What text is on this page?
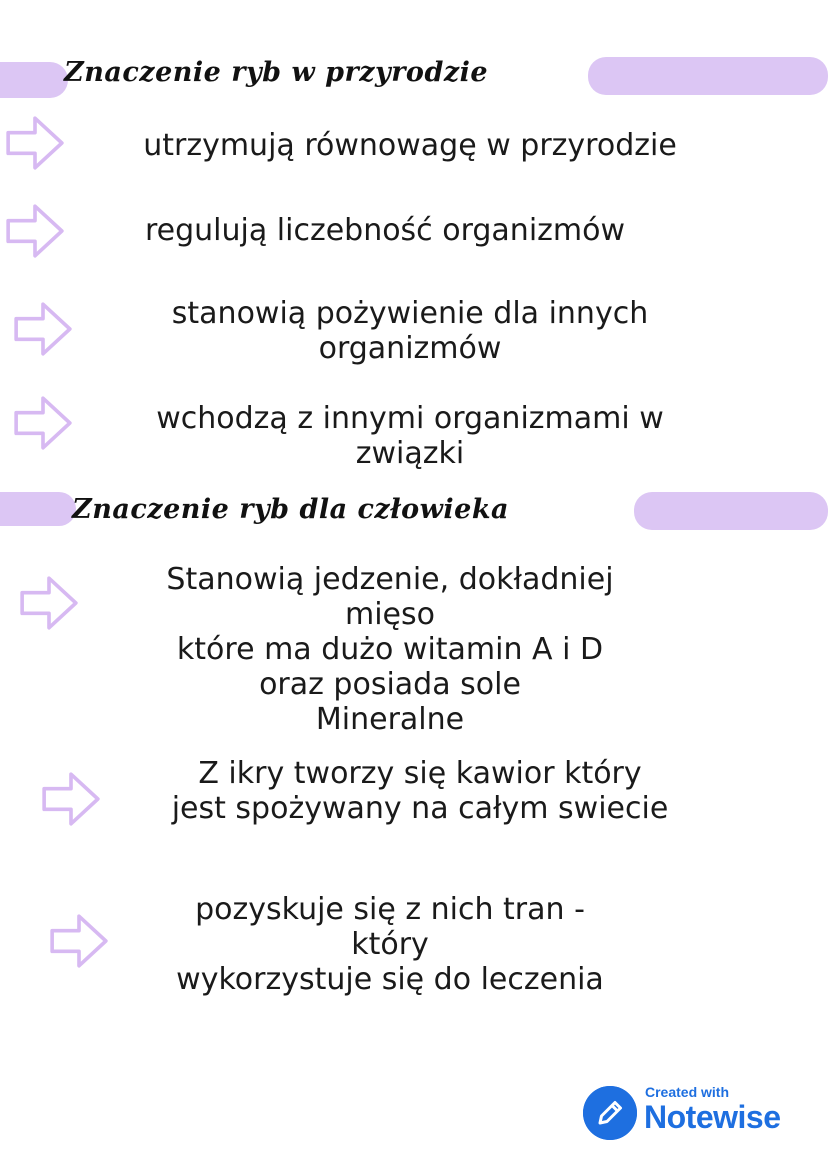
Znaczenie ryb w przyrodzie
utrzymują równowagę w przyrodzie
regulują liczebność organizmów
stanowią pożywienie dla innych
organizmów
wchodzą z innymi organizmami w
związki
Znaczenie ryb dla człowieka
Stanowią jedzenie, dokładniej
mięso
które ma dużo witamin A i D
oraz posiada sole
Mineralne
Z ikry tworzy się kawior który
jest spożywany na całym swiecie
pozyskuje się z nich tran -
który
wykorzystuje się do leczenia
Created with
Notewise
